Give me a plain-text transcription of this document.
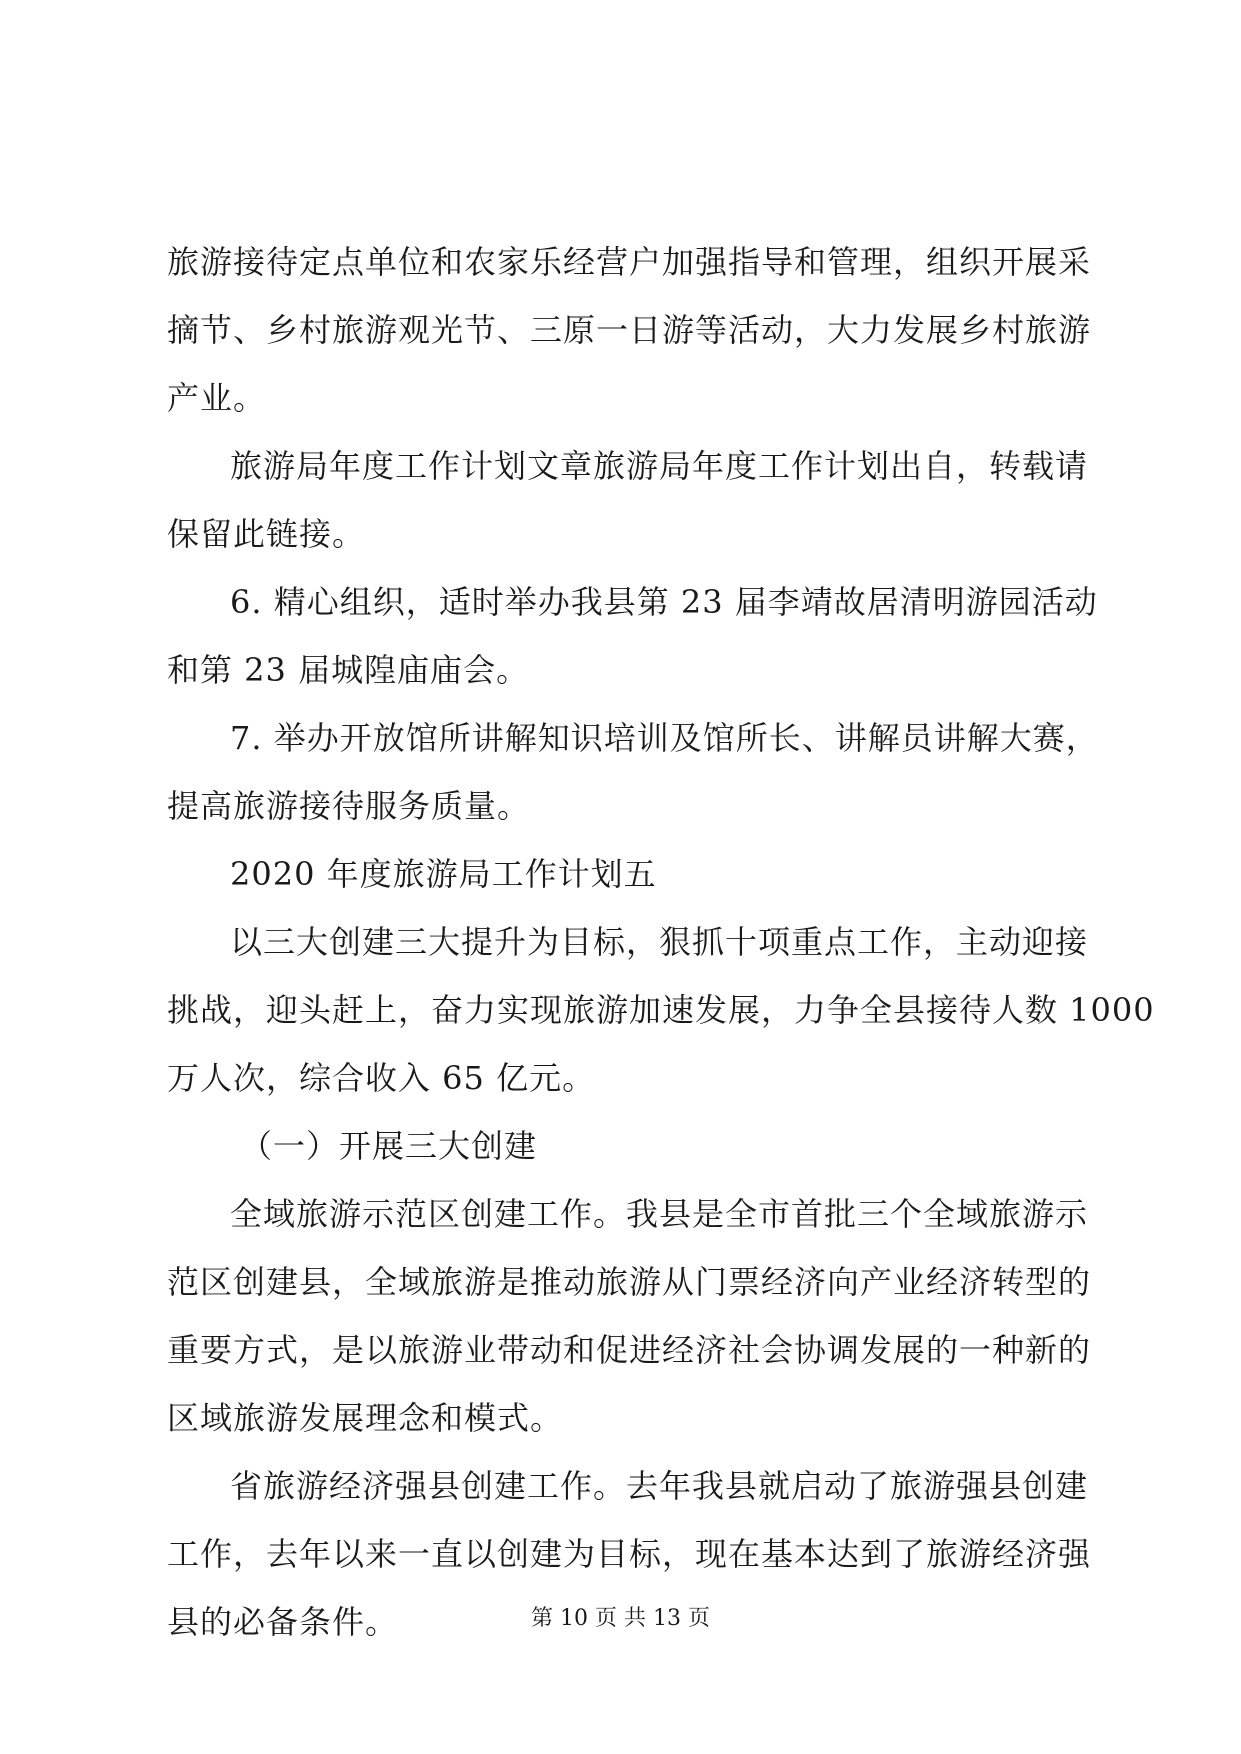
旅游接待定点单位和农家乐经营户加强指导和管理，组织开展采
摘节、乡村旅游观光节、三原一日游等活动，大力发展乡村旅游
产业。
旅游局年度工作计划文章旅游局年度工作计划出自，转载请
保留此链接。
6. 精心组织，适时举办我县第 23 届李靖故居清明游园活动
和第 23 届城隍庙庙会。
7. 举办开放馆所讲解知识培训及馆所长、讲解员讲解大赛，
提高旅游接待服务质量。
2020 年度旅游局工作计划五
以三大创建三大提升为目标，狠抓十项重点工作，主动迎接
挑战，迎头赶上，奋力实现旅游加速发展，力争全县接待人数 1000
万人次，综合收入 65 亿元。
（一）开展三大创建
全域旅游示范区创建工作。我县是全市首批三个全域旅游示
范区创建县，全域旅游是推动旅游从门票经济向产业经济转型的
重要方式，是以旅游业带动和促进经济社会协调发展的一种新的
区域旅游发展理念和模式。
省旅游经济强县创建工作。去年我县就启动了旅游强县创建
工作，去年以来一直以创建为目标，现在基本达到了旅游经济强
县的必备条件。	第 10 页 共 13 页
